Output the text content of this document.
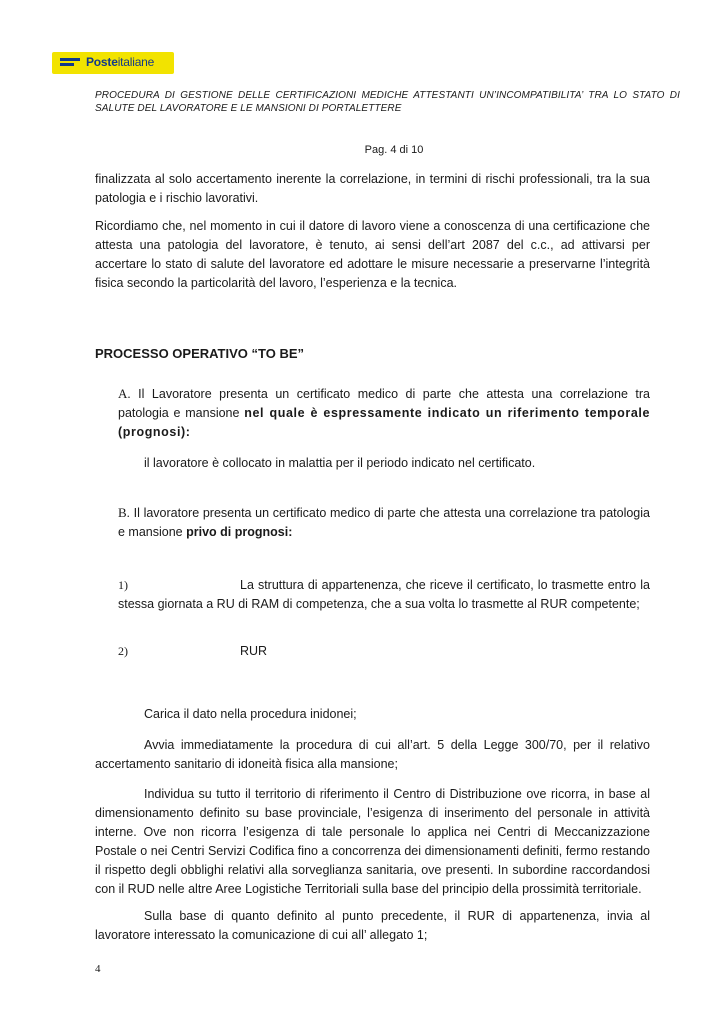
Posteitaliane
PROCEDURA DI GESTIONE DELLE CERTIFICAZIONI MEDICHE ATTESTANTI UN’INCOMPATIBILITA’ TRA LO STATO DI SALUTE DEL LAVORATORE E LE MANSIONI DI PORTALETTERE
Pag. 4 di 10
finalizzata al solo accertamento inerente la correlazione, in termini di rischi professionali, tra la sua patologia e i rischio lavorativi.
Ricordiamo che, nel momento in cui il datore di lavoro viene a conoscenza di una certificazione che attesta una patologia del lavoratore, è tenuto, ai sensi dell’art 2087 del c.c., ad attivarsi per accertare lo stato di salute del lavoratore ed adottare le misure necessarie a preservarne l’integrità fisica secondo la particolarità del lavoro, l’esperienza e la tecnica.
PROCESSO OPERATIVO “TO BE”
A. Il Lavoratore presenta un certificato medico di parte che attesta una correlazione tra patologia e mansione nel quale è espressamente indicato un riferimento temporale (prognosi):
il lavoratore è collocato in malattia per il periodo indicato nel certificato.
B. Il lavoratore presenta un certificato medico di parte che attesta una correlazione tra patologia e mansione privo di prognosi:
1)	La struttura di appartenenza, che riceve il certificato, lo trasmette entro la stessa giornata a RU di RAM di competenza, che a sua volta lo trasmette al RUR competente;
2)	RUR
Carica il dato nella procedura inidonei;
Avvia immediatamente la procedura di cui all’art. 5 della Legge 300/70, per il relativo accertamento sanitario di idoneità fisica alla mansione;
Individua su tutto il territorio di riferimento il Centro di Distribuzione ove ricorra, in base al dimensionamento definito su base provinciale, l’esigenza di inserimento del personale in attività interne. Ove non ricorra l’esigenza di tale personale lo applica nei Centri di Meccanizzazione Postale o nei Centri Servizi Codifica fino a concorrenza dei dimensionamenti definiti, fermo restando il rispetto degli obblighi relativi alla sorveglianza sanitaria, ove presenti. In subordine raccordandosi con il RUD nelle altre Aree Logistiche Territoriali sulla base del principio della prossimità territoriale.
Sulla base di quanto definito al punto precedente, il RUR di appartenenza, invia al lavoratore interessato la comunicazione di cui all’ allegato 1;
4
